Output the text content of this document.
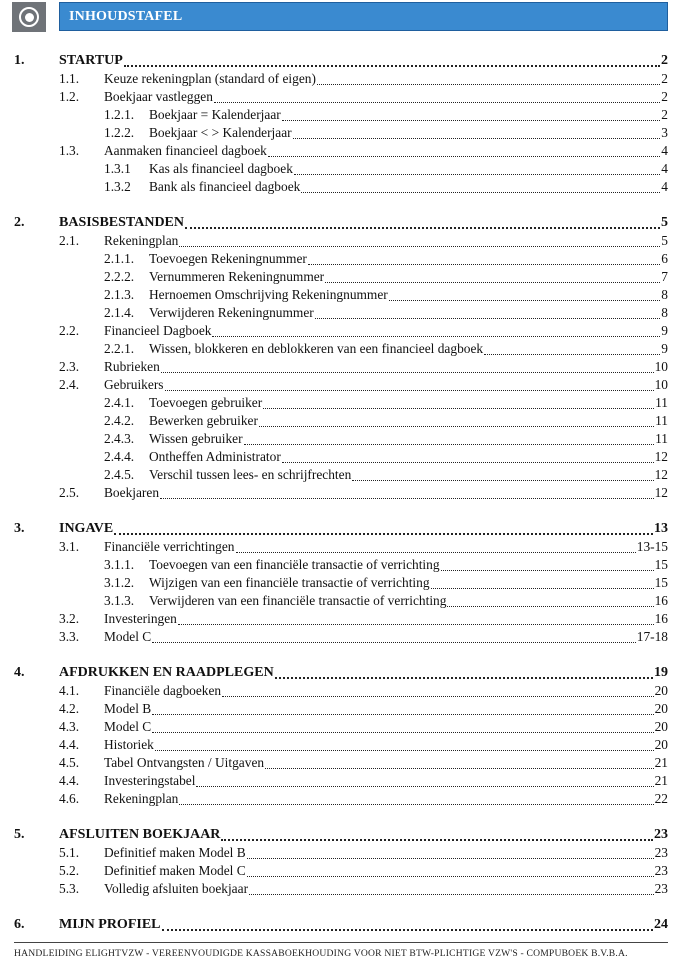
INHOUDSTAFEL
1.	STARTUP	2
1.1.	Keuze rekeningplan (standard of eigen)	2
1.2.	Boekjaar vastleggen	2
1.2.1.	Boekjaar = Kalenderjaar	2
1.2.2.	Boekjaar < > Kalenderjaar	3
1.3.	Aanmaken financieel dagboek	4
1.3.1	Kas als financieel dagboek	4
1.3.2	Bank als financieel dagboek	4
2.	BASISBESTANDEN	5
2.1.	Rekeningplan	5
2.1.1.	Toevoegen Rekeningnummer	6
2.2.2.	Vernummeren Rekeningnummer	7
2.1.3.	Hernoemen Omschrijving Rekeningnummer	8
2.1.4.	Verwijderen Rekeningnummer	8
2.2.	Financieel Dagboek	9
2.2.1.	Wissen, blokkeren en deblokkeren van een financieel dagboek	9
2.3.	Rubrieken	10
2.4.	Gebruikers	10
2.4.1.	Toevoegen gebruiker	11
2.4.2.	Bewerken gebruiker	11
2.4.3.	Wissen gebruiker	11
2.4.4.	Ontheffen Administrator	12
2.4.5.	Verschil tussen lees- en schrijfrechten	12
2.5.	Boekjaren	12
3.	INGAVE	13
3.1.	Financiële verrichtingen	13-15
3.1.1.	Toevoegen van een financiële transactie of verrichting	15
3.1.2.	Wijzigen van een financiële transactie of verrichting	15
3.1.3.	Verwijderen van een financiële transactie of verrichting	16
3.2.	Investeringen	16
3.3.	Model C	17-18
4.	AFDRUKKEN EN RAADPLEGEN	19
4.1.	Financiële dagboeken	20
4.2.	Model B	20
4.3.	Model C	20
4.4.	Historiek	20
4.5.	Tabel Ontvangsten / Uitgaven	21
4.4.	Investeringstabel	21
4.6.	Rekeningplan	22
5.	AFSLUITEN BOEKJAAR	23
5.1.	Definitief maken Model B	23
5.2.	Definitief maken Model C	23
5.3.	Volledig afsluiten boekjaar	23
6.	MIJN PROFIEL	24
HANDLEIDING ELIGHTVZW - VEREENVOUDIGDE KASSABOEKHOUDING VOOR NIET BTW-PLICHTIGE VZW'S - COMPUBOEK B.V.B.A.
